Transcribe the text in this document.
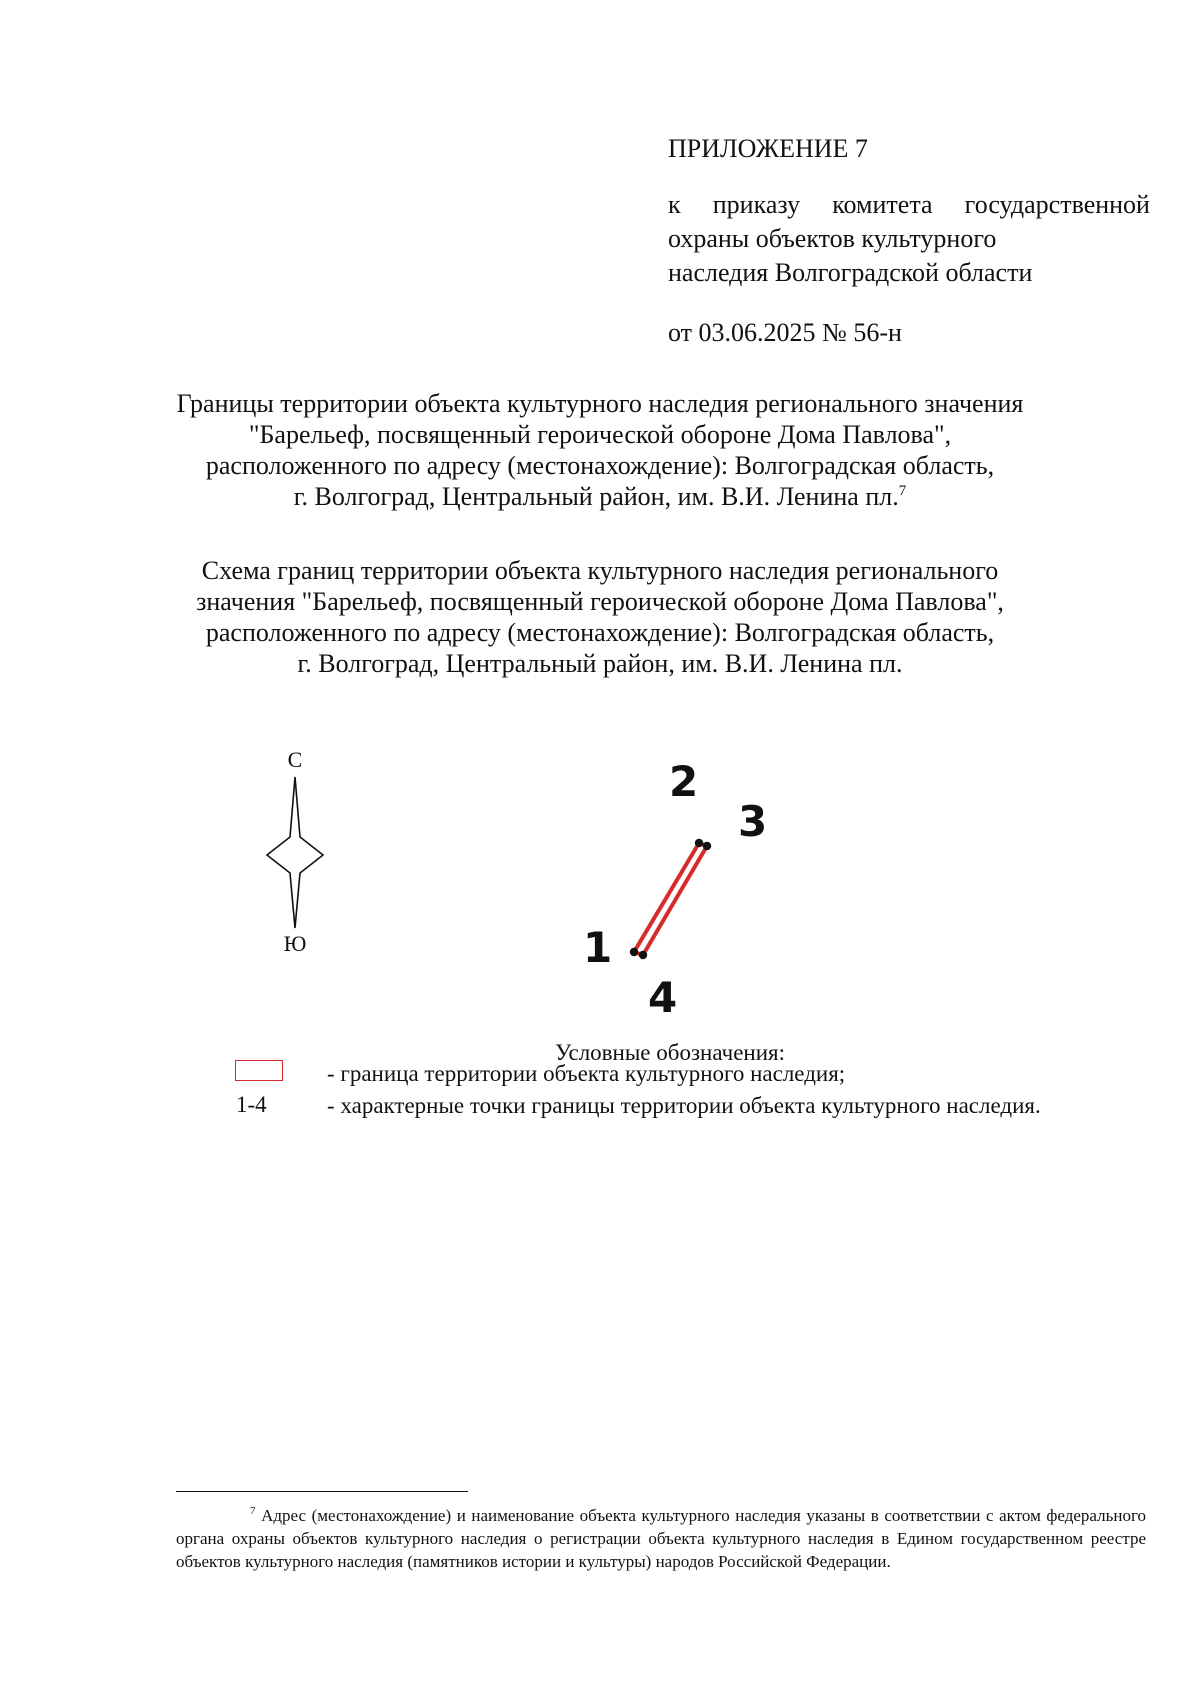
ПРИЛОЖЕНИЕ 7
к приказу комитета государственной
охраны объектов культурного
наследия Волгоградской области
от 03.06.2025 № 56-н
Границы территории объекта культурного наследия регионального значения
"Барельеф, посвященный героической обороне Дома Павлова",
расположенного по адресу (местонахождение): Волгоградская область,
г. Волгоград, Центральный район, им. В.И. Ленина пл.$^7$
Схема границ территории объекта культурного наследия регионального
значения "Барельеф, посвященный героической обороне Дома Павлова",
расположенного по адресу (местонахождение): Волгоградская область,
г. Волгоград, Центральный район, им. В.И. Ленина пл.
С
Ю	1
2
3
4
Условные обозначения:
- граница территории объекта культурного наследия;
1-4	- характерные точки границы территории объекта культурного наследия.
$^7$ Адрес (местонахождение) и наименование объекта культурного наследия указаны в соответствии с актом федерального органа охраны объектов культурного наследия о регистрации объекта культурного наследия в Едином государственном реестре объектов культурного наследия (памятников истории и культуры) народов Российской Федерации.
